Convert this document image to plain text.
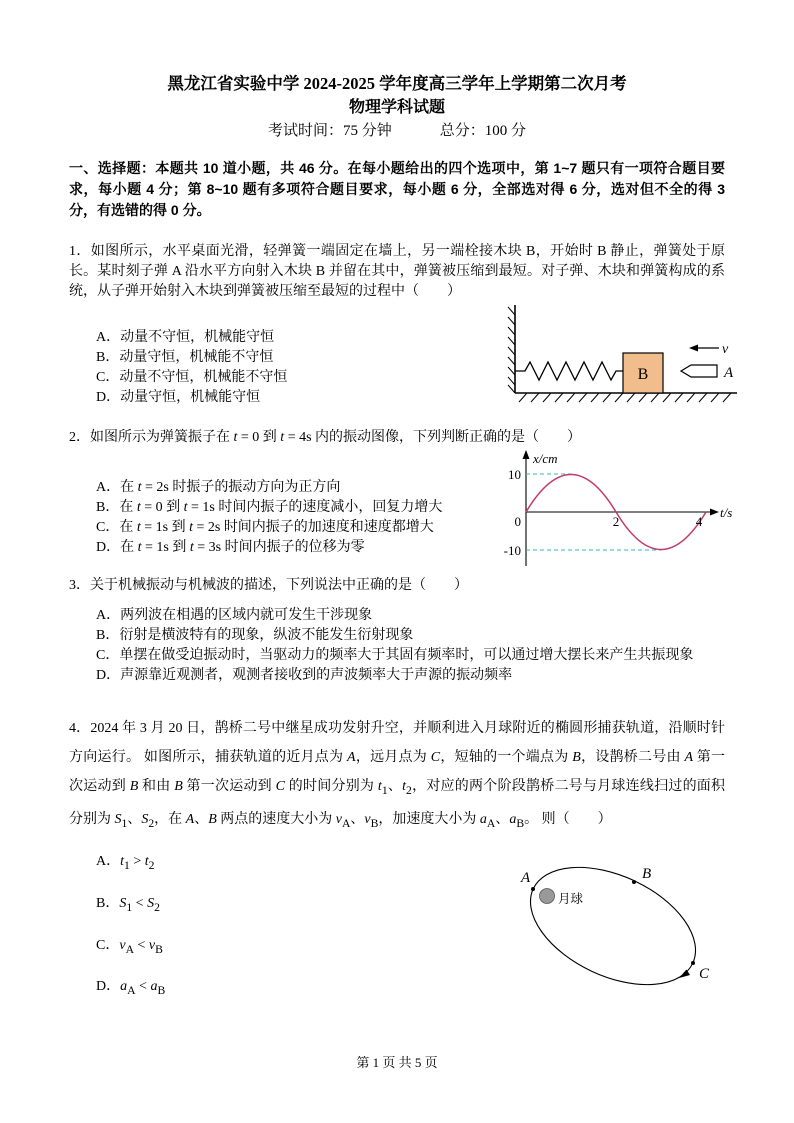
黑龙江省实验中学 2024-2025 学年度高三学年上学期第二次月考
物理学科试题
考试时间：75 分钟	总分：100 分
一、选择题：本题共 10 道小题，共 46 分。在每小题给出的四个选项中，第 1~7 题只有一项符合题目要求，每小题 4 分；第 8~10 题有多项符合题目要求，每小题 6 分，全部选对得 6 分，选对但不全的得 3 分，有选错的得 0 分。
1．如图所示，水平桌面光滑，轻弹簧一端固定在墙上，另一端栓接木块 B，开始时 B 静止，弹簧处于原长。某时刻子弹 A 沿水平方向射入木块 B 并留在其中，弹簧被压缩到最短。对子弹、木块和弹簧构成的系统，从子弹开始射入木块到弹簧被压缩至最短的过程中（　　）
A．动量不守恒，机械能守恒
B．动量守恒，机械能不守恒
C．动量不守恒，机械能不守恒
D．动量守恒，机械能守恒
B
v
A
2．如图所示为弹簧振子在 t = 0 到 t = 4s 内的振动图像，下列判断正确的是（　　）
A．在 t = 2s 时振子的振动方向为正方向
B．在 t = 0 到 t = 1s 时间内振子的速度减小，回复力增大
C．在 t = 1s 到 t = 2s 时间内振子的加速度和速度都增大
D．在 t = 1s 到 t = 3s 时间内振子的位移为零
x/cm
t/s
10
0
-10
2	4
3．关于机械振动与机械波的描述，下列说法中正确的是（　　）
A．两列波在相遇的区域内就可发生干涉现象
B．衍射是横波特有的现象，纵波不能发生衍射现象
C．单摆在做受迫振动时，当驱动力的频率大于其固有频率时，可以通过增大摆长来产生共振现象
D．声源靠近观测者，观测者接收到的声波频率大于声源的振动频率
4．2024 年 3 月 20 日，鹊桥二号中继星成功发射升空，并顺利进入月球附近的椭圆形捕获轨道，沿顺时针方向运行。 如图所示，捕获轨道的近月点为 A，远月点为 C，短轴的一个端点为 B，设鹊桥二号由 A 第一次运动到 B 和由 B 第一次运动到 C 的时间分别为 $t_1$、$t_2$，对应的两个阶段鹊桥二号与月球连线扫过的面积分别为 $S_1$、$S_2$，在 A、B 两点的速度大小为 $v_A$、$v_B$，加速度大小为 $a_A$、$a_B$。 则（　　）
A．$t_1 > t_2$
B．$S_1 < S_2$
C．$v_A < v_B$
D．$a_A < a_B$
A	B
C
月球
第 1 页 共 5 页
